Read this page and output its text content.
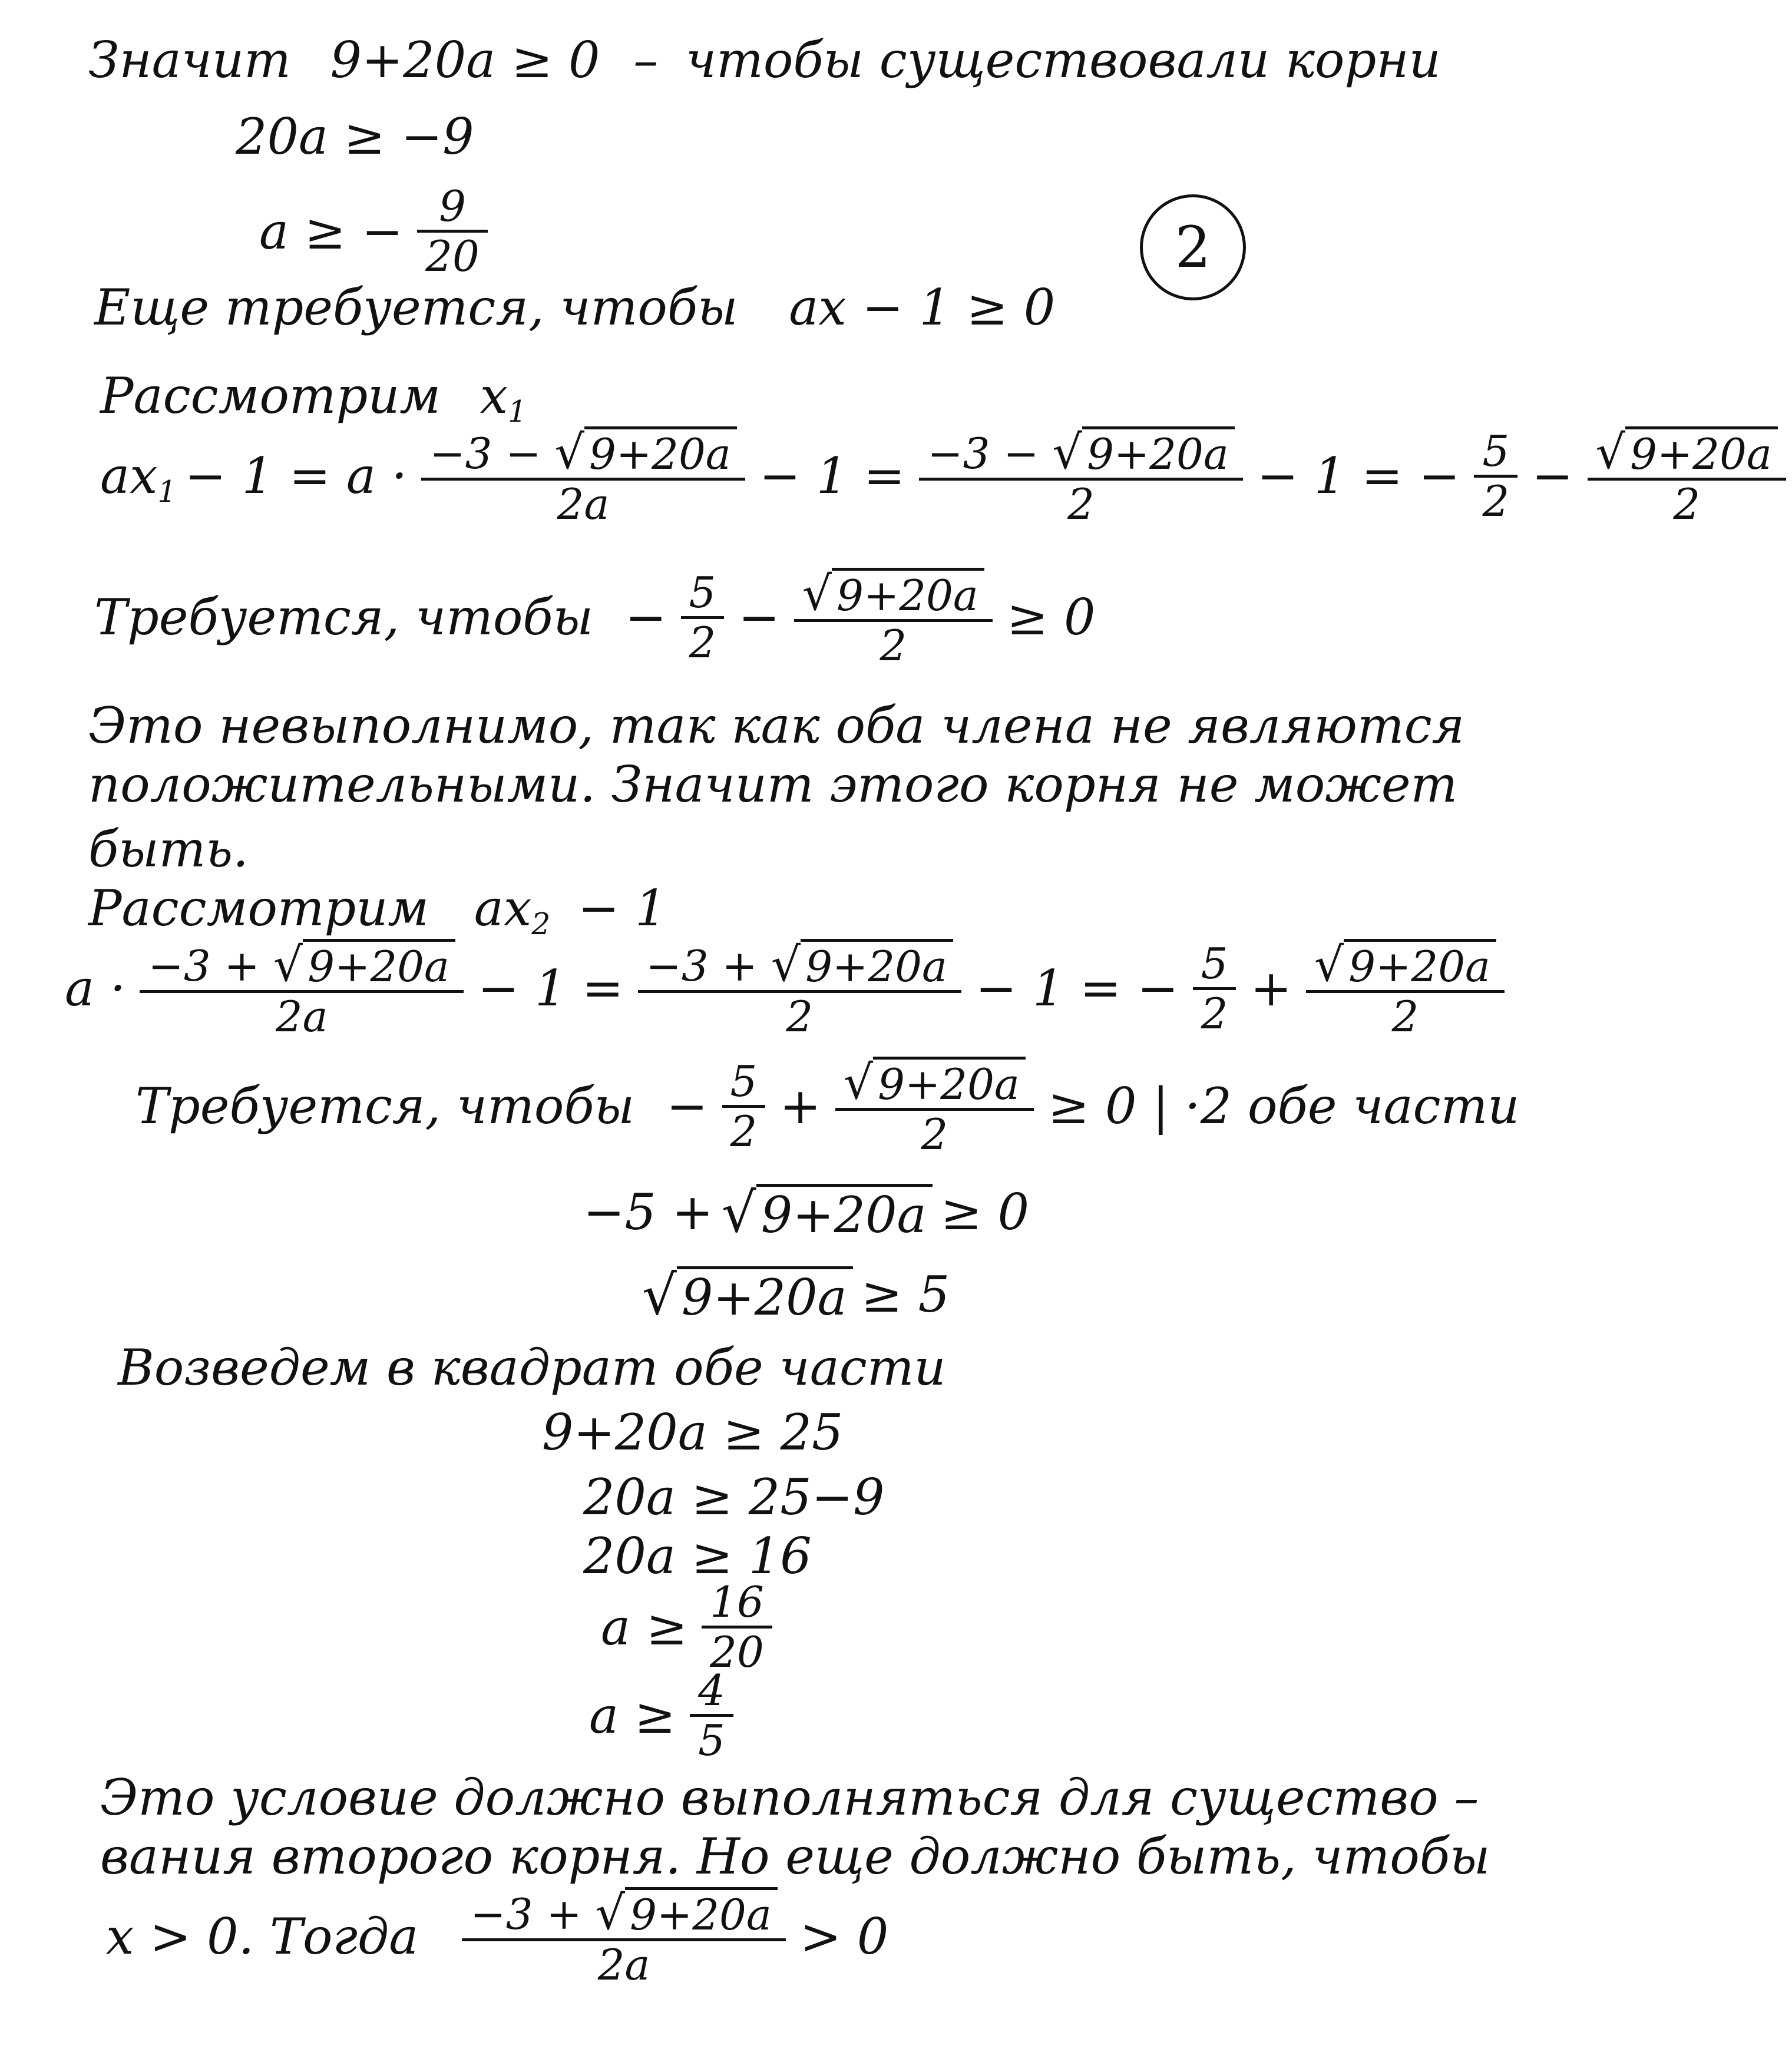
2
Значит 9+20a ≥ 0 – чтобы существовали корни
20a ≥ −9
a ≥ − 9
20
Еще требуется, чтобы ax − 1 ≥ 0
Рассмотрим x1
ax1 − 1 = a · −3 − √ 9+20a
2a	− 1 = −3 − √ 9+20a
2	− 1 = − 5
2 − √ 9+20a
2
Требуется, чтобы − 5
2 − √ 9+20a
2 ≥ 0
Это невыполнимо, так как оба члена не являются
положительными. Значит этого корня не может
быть.
Рассмотрим ax2 − 1
a · −3 + √ 9+20a
2a	− 1 = −3 + √ 9+20a
2	− 1 = − 5
2 + √ 9+20a
2
Требуется, чтобы − 5
2 + √ 9+20a
2 ≥ 0 | ·2 обе части
−5 + √ 9+20a ≥ 0
√ 9+20a ≥ 5
Возведем в квадрат обе части
9+20a ≥ 25
20a ≥ 25−9
20a ≥ 16
a ≥ 16
20
a ≥ 4
5
Это условие должно выполняться для существо –
вания второго корня. Но еще должно быть, чтобы
x > 0. Тогда −3 + √ 9+20a
2a	> 0
